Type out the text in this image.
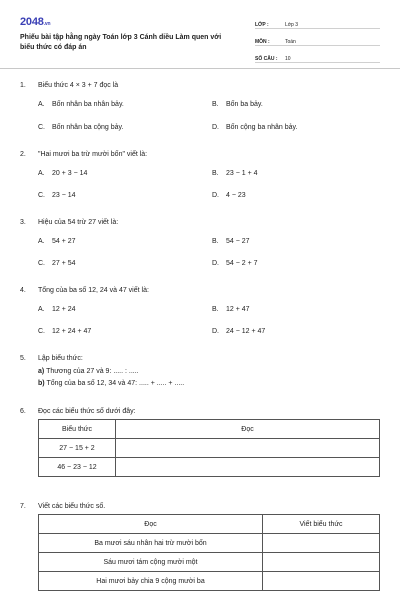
2048.vn
Phiếu bài tập hằng ngày Toán lớp 3 Cánh diều Làm quen với biểu thức có đáp án
LỚP :	Lớp 3
MÔN :	Toán
SỐ CÂU :	10
1. Biểu thức 4 × 3 + 7 đọc là
A. Bốn nhân ba nhân bảy.	B. Bốn ba bảy.
C. Bốn nhân ba cộng bảy.	D. Bốn cộng ba nhân bảy.
2. "Hai mươi ba trừ mười bốn" viết là:
A. 20 + 3 − 14	B. 23 − 1 + 4
C. 23 − 14	D. 4 − 23
3. Hiệu của 54 trừ 27 viết là:
A. 54 + 27	B. 54 − 27
C. 27 + 54	D. 54 − 2 + 7
4. Tổng của ba số 12, 24 và 47 viết là:
A. 12 + 24	B. 12 + 47
C. 12 + 24 + 47	D. 24 − 12 + 47
5. Lập biểu thức:
a) Thương của 27 và 9: ..... : .....
b) Tổng của ba số 12, 34 và 47: ..... + ..... + .....
6. Đọc các biểu thức số dưới đây:
Biểu thức	Đọc
27 − 15 + 2	
46 − 23 − 12	
7. Viết các biểu thức số.
Đọc	Viết biểu thức
Ba mươi sáu nhân hai trừ mười bốn	
Sáu mươi tám cộng mười một	
Hai mươi bảy chia 9 cộng mười ba	
